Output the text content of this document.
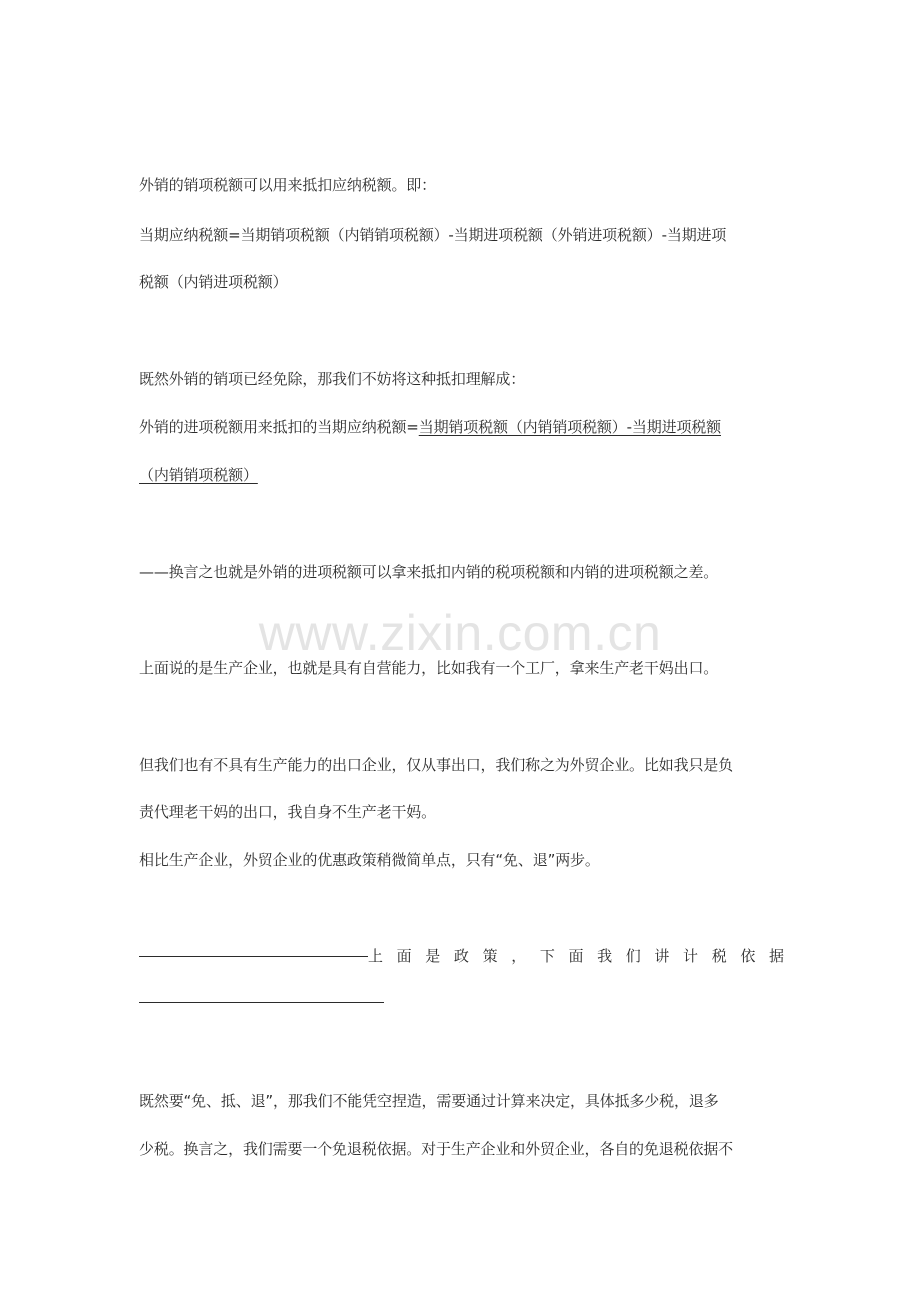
www.zixin.com.cn
外销的销项税额可以用来抵扣应纳税额。即：
当期应纳税额=当期销项税额（内销销项税额）-当期进项税额（外销进项税额）-当期进项
税额（内销进项税额）
既然外销的销项已经免除，那我们不妨将这种抵扣理解成：
外销的进项税额用来抵扣的当期应纳税额=当期销项税额（内销销项税额）-当期进项税额
（内销销项税额）
——换言之也就是外销的进项税额可以拿来抵扣内销的税项税额和内销的进项税额之差。
上面说的是生产企业，也就是具有自营能力，比如我有一个工厂，拿来生产老干妈出口。
但我们也有不具有生产能力的出口企业，仅从事出口，我们称之为外贸企业。比如我只是负
责代理老干妈的出口，我自身不生产老干妈。
相比生产企业，外贸企业的优惠政策稍微简单点，只有“免、退”两步。
上 面 是 政 策 ， 下 面 我 们 讲 计 税 依 据
既然要“免、抵、退”，那我们不能凭空捏造，需要通过计算来决定，具体抵多少税，退多
少税。换言之，我们需要一个免退税依据。对于生产企业和外贸企业，各自的免退税依据不
